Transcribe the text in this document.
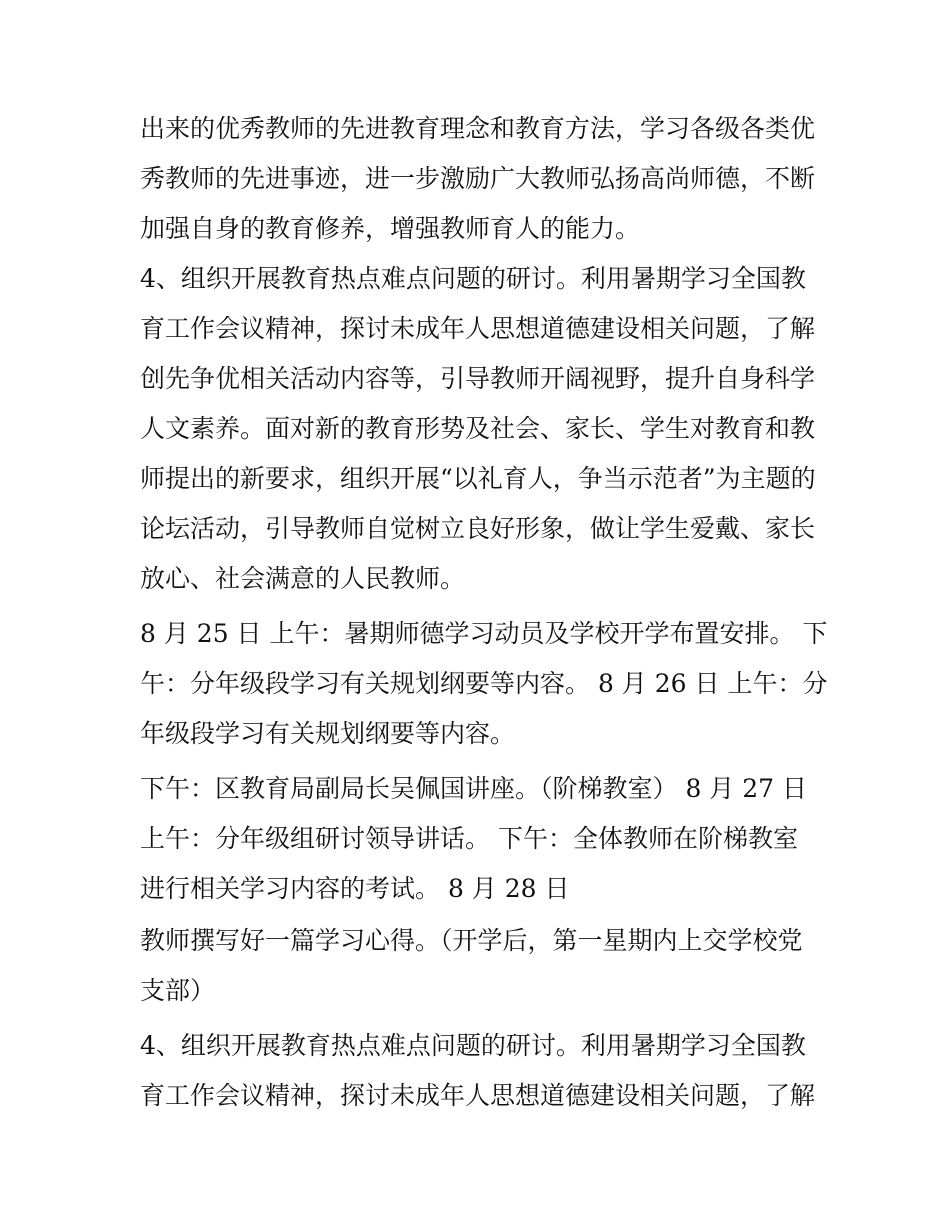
出来的优秀教师的先进教育理念和教育方法，学习各级各类优
秀教师的先进事迹，进一步激励广大教师弘扬高尚师德，不断
加强自身的教育修养，增强教师育人的能力。
4、组织开展教育热点难点问题的研讨。利用暑期学习全国教
育工作会议精神，探讨未成年人思想道德建设相关问题，了解
创先争优相关活动内容等，引导教师开阔视野，提升自身科学
人文素养。面对新的教育形势及社会、家长、学生对教育和教
师提出的新要求，组织开展“以礼育人，争当示范者”为主题的
论坛活动，引导教师自觉树立良好形象，做让学生爱戴、家长
放心、社会满意的人民教师。
8 月 25 日 上午：暑期师德学习动员及学校开学布置安排。 下
午：分年级段学习有关规划纲要等内容。 8 月 26 日 上午：分
年级段学习有关规划纲要等内容。
下午：区教育局副局长吴佩国讲座。（阶梯教室） 8 月 27 日
上午：分年级组研讨领导讲话。 下午：全体教师在阶梯教室
进行相关学习内容的考试。 8 月 28 日
教师撰写好一篇学习心得。（开学后，第一星期内上交学校党
支部）
4、组织开展教育热点难点问题的研讨。利用暑期学习全国教
育工作会议精神，探讨未成年人思想道德建设相关问题，了解
